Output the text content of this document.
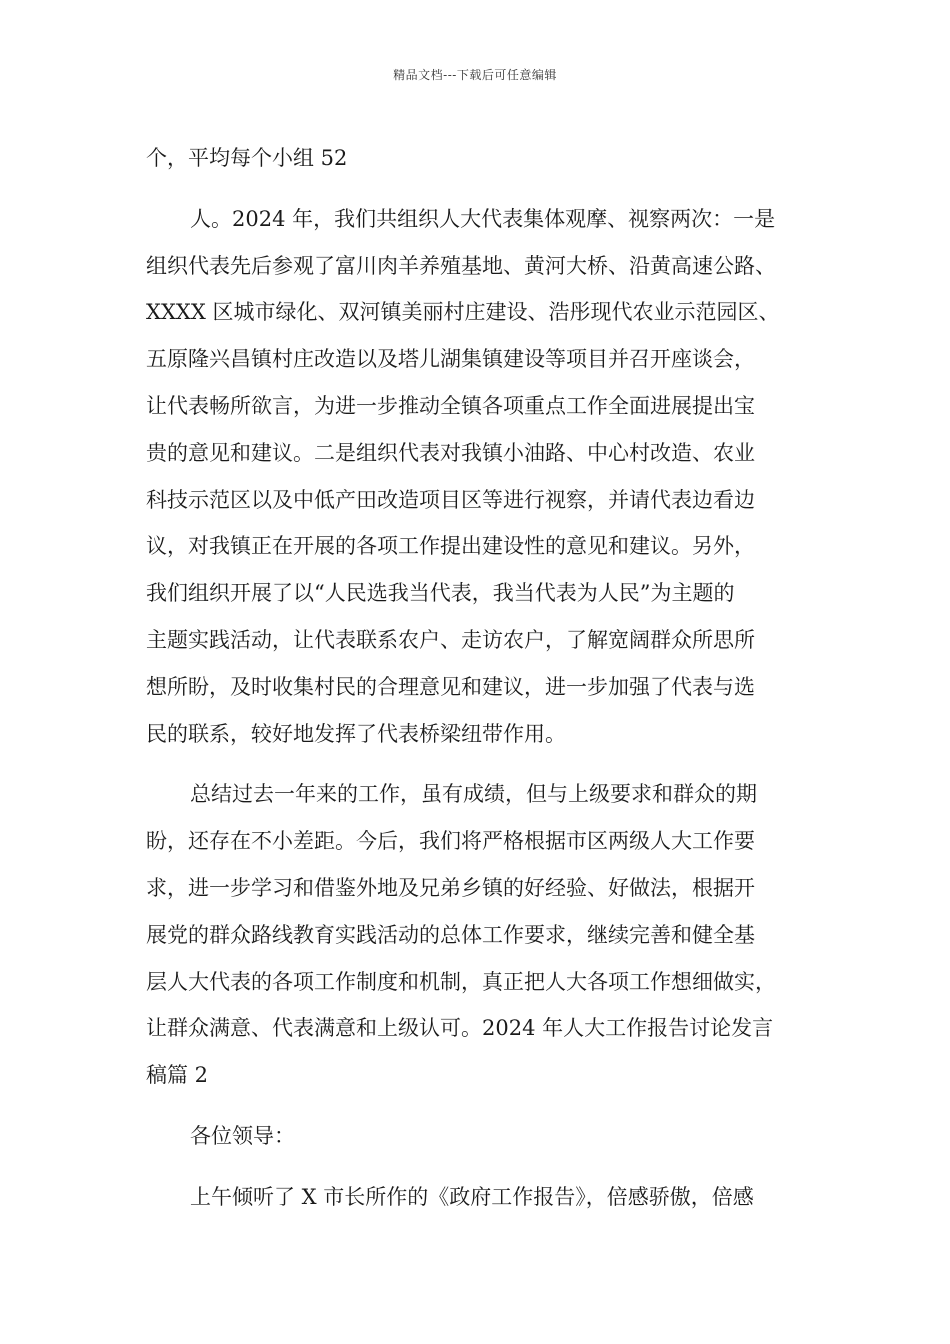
精品文档---下载后可任意编辑
个，平均每个小组 52
人。2024 年，我们共组织人大代表集体观摩、视察两次：一是
组织代表先后参观了富川肉羊养殖基地、黄河大桥、沿黄高速公路、
XXXX 区城市绿化、双河镇美丽村庄建设、浩彤现代农业示范园区、
五原隆兴昌镇村庄改造以及塔儿湖集镇建设等项目并召开座谈会，
让代表畅所欲言，为进一步推动全镇各项重点工作全面进展提出宝
贵的意见和建议。二是组织代表对我镇小油路、中心村改造、农业
科技示范区以及中低产田改造项目区等进行视察，并请代表边看边
议，对我镇正在开展的各项工作提出建设性的意见和建议。另外，
我们组织开展了以“人民选我当代表，我当代表为人民”为主题的
主题实践活动，让代表联系农户、走访农户，了解宽阔群众所思所
想所盼，及时收集村民的合理意见和建议，进一步加强了代表与选
民的联系，较好地发挥了代表桥梁纽带作用。
总结过去一年来的工作，虽有成绩，但与上级要求和群众的期
盼，还存在不小差距。今后，我们将严格根据市区两级人大工作要
求，进一步学习和借鉴外地及兄弟乡镇的好经验、好做法，根据开
展党的群众路线教育实践活动的总体工作要求，继续完善和健全基
层人大代表的各项工作制度和机制，真正把人大各项工作想细做实，
让群众满意、代表满意和上级认可。2024 年人大工作报告讨论发言
稿篇 2
各位领导：
上午倾听了 X 市长所作的《政府工作报告》，倍感骄傲，倍感
